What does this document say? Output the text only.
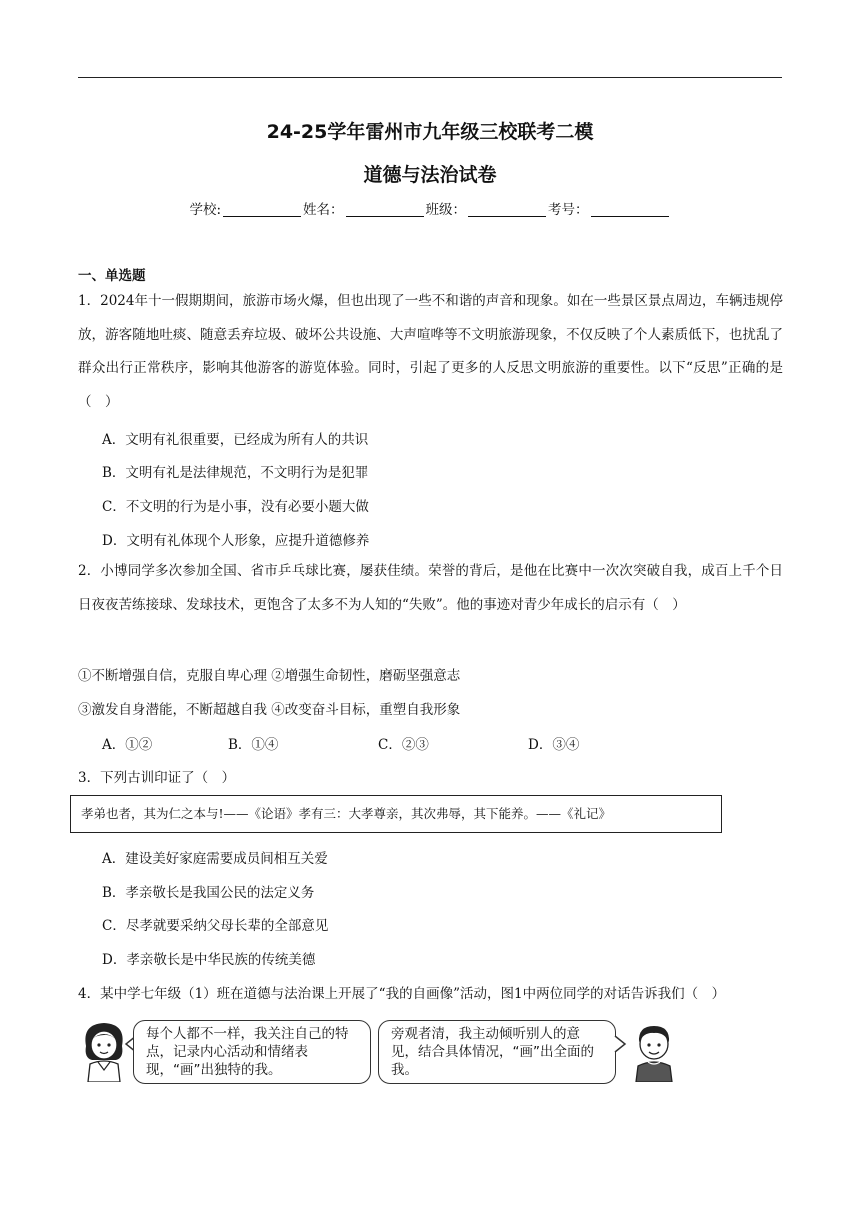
24-25学年雷州市九年级三校联考二模
道德与法治试卷
学校:	姓名：	班级：	考号：
一、单选题

1．2024年十一假期期间，旅游市场火爆，但也出现了一些不和谐的声音和现象。如在一些景区景点周边，车辆违规停放，游客随地吐痰、随意丢弃垃圾、破坏公共设施、大声喧哗等不文明旅游现象，不仅反映了个人素质低下，也扰乱了群众出行正常秩序，影响其他游客的游览体验。同时，引起了更多的人反思文明旅游的重要性。以下“反思”正确的是（　）

A．文明有礼很重要，已经成为所有人的共识
B．文明有礼是法律规范，不文明行为是犯罪
C．不文明的行为是小事，没有必要小题大做
D．文明有礼体现个人形象，应提升道德修养

2．小博同学多次参加全国、省市乒乓球比赛，屡获佳绩。荣誉的背后，是他在比赛中一次次突破自我，成百上千个日日夜夜苦练接球、发球技术，更饱含了太多不为人知的“失败”。他的事迹对青少年成长的启示有（　）

①不断增强自信，克服自卑心理 ②增强生命韧性，磨砺坚强意志
③激发自身潜能，不断超越自我 ④改变奋斗目标，重塑自我形象
A．①②	B．①④	C．②③	D．③④
3．下列古训印证了（　）
孝弟也者，其为仁之本与!——《论语》孝有三：大孝尊亲，其次弗辱，其下能养。——《礼记》
A．建设美好家庭需要成员间相互关爱
B．孝亲敬长是我国公民的法定义务
C．尽孝就要采纳父母长辈的全部意见
D．孝亲敬长是中华民族的传统美德
4．某中学七年级（1）班在道德与法治课上开展了“我的自画像”活动，图1中两位同学的对话告诉我们（　）
每个人都不一样，我关注自己的特点，记录内心活动和情绪表现，“画”出独特的我。
旁观者清，我主动倾听别人的意见，结合具体情况，“画”出全面的我。
